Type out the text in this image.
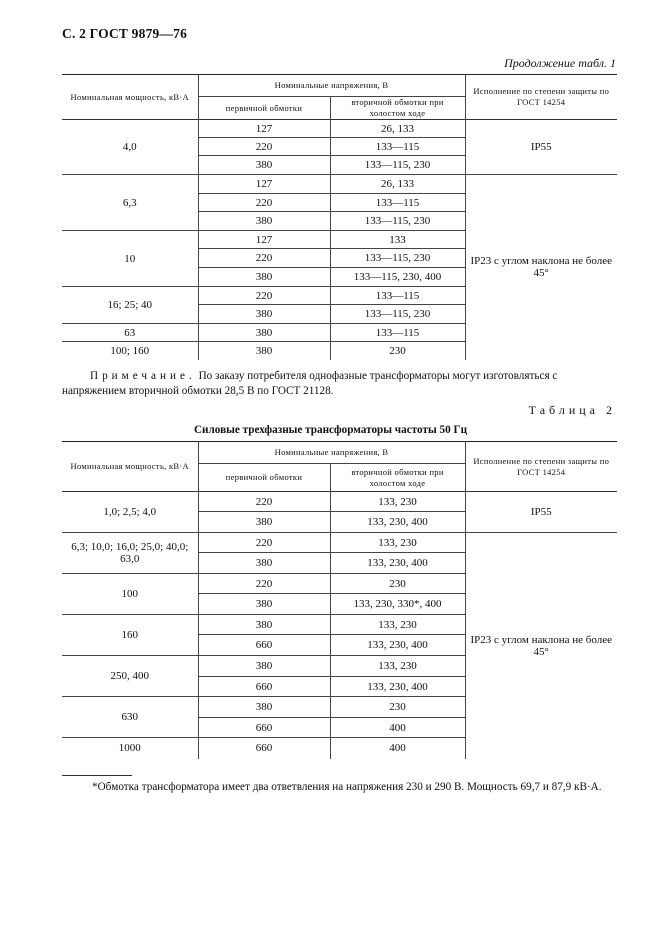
С. 2 ГОСТ 9879—76
Продолжение табл. 1
Номинальная мощность, кВ·А	Номинальные напряжения, В		Исполнение по степени защиты по ГОСТ 14254
	первичной обмотки	вторичной обмотки при холостом ходе	
4,0	127	26, 133	IP55
	220	133—115	
	380	133—115, 230	
6,3	127	26, 133	IP23 с углом наклона не более 45°
	220	133—115	
	380	133—115, 230	
10	127	133	
	220	133—115, 230	
	380	133—115, 230, 400	
16; 25; 40	220	133—115	
	380	133—115, 230	
63	380	133—115	
100; 160	380	230	
Примечание. По заказу потребителя однофазные трансформаторы могут изготовляться с напряжением вторичной обмотки 28,5 В по ГОСТ 21128.
Таблица 2
Силовые трехфазные трансформаторы частоты 50 Гц
Номинальная мощность, кВ·А	Номинальные напряжения, В		Исполнение по степени защиты по ГОСТ 14254
	первичной обмотки	вторичной обмотки при холостом ходе	
1,0; 2,5; 4,0	220	133, 230	IP55
	380	133, 230, 400	
6,3; 10,0; 16,0; 25,0; 40,0; 63,0	220	133, 230	IP23 с углом наклона не более 45°
	380	133, 230, 400	
100	220	230	
	380	133, 230, 330*, 400	
160	380	133, 230	
	660	133, 230, 400	
250, 400	380	133, 230	
	660	133, 230, 400	
630	380	230	
	660	400	
1000	660	400	
*Обмотка трансформатора имеет два ответвления на напряжения 230 и 290 В. Мощность 69,7 и 87,9 кВ·А.
